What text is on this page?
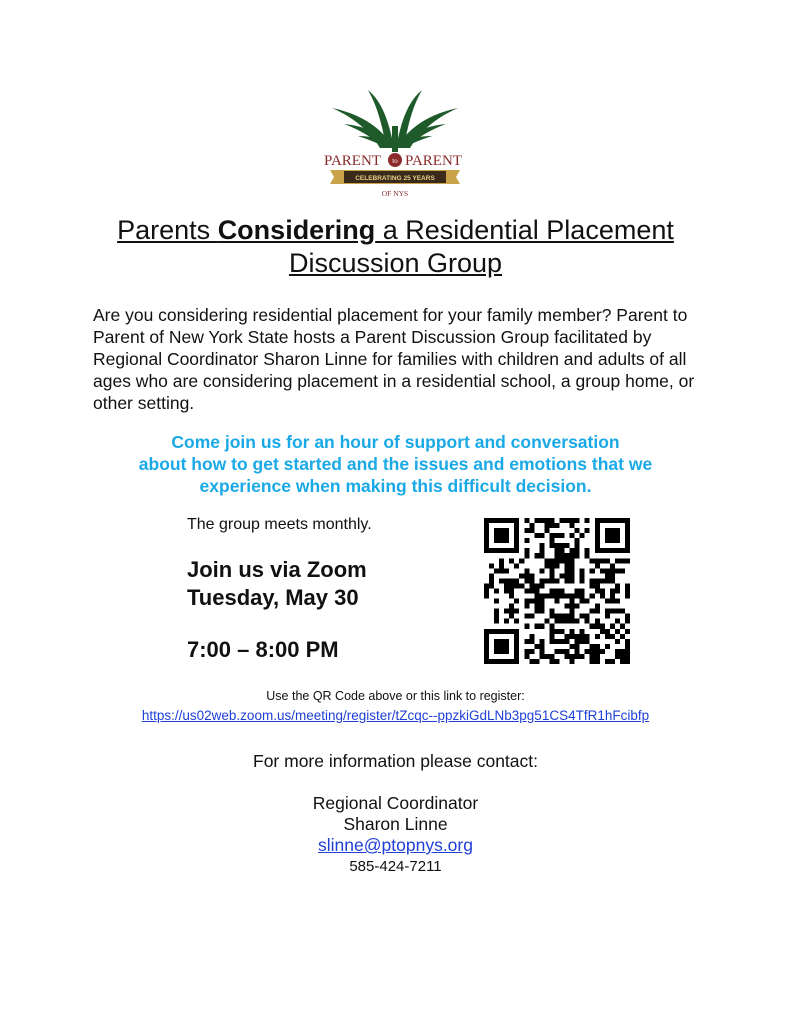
PARENT to PARENT
CELEBRATING 25 YEARS
OF NYS
Parents Considering a Residential Placement
Discussion Group
Are you considering residential placement for your family member? Parent to Parent of New York State hosts a Parent Discussion Group facilitated by Regional Coordinator Sharon Linne for families with children and adults of all ages who are considering placement in a residential school, a group home, or other setting.
Come join us for an hour of support and conversation
about how to get started and the issues and emotions that we
experience when making this difficult decision.
The group meets monthly.
Join us via Zoom
Tuesday, May 30
7:00 – 8:00 PM
Use the QR Code above or this link to register:
https://us02web.zoom.us/meeting/register/tZcqc--ppzkiGdLNb3pg51CS4TfR1hFcibfp
For more information please contact:
Regional Coordinator
Sharon Linne
slinne@ptopnys.org
585-424-7211
